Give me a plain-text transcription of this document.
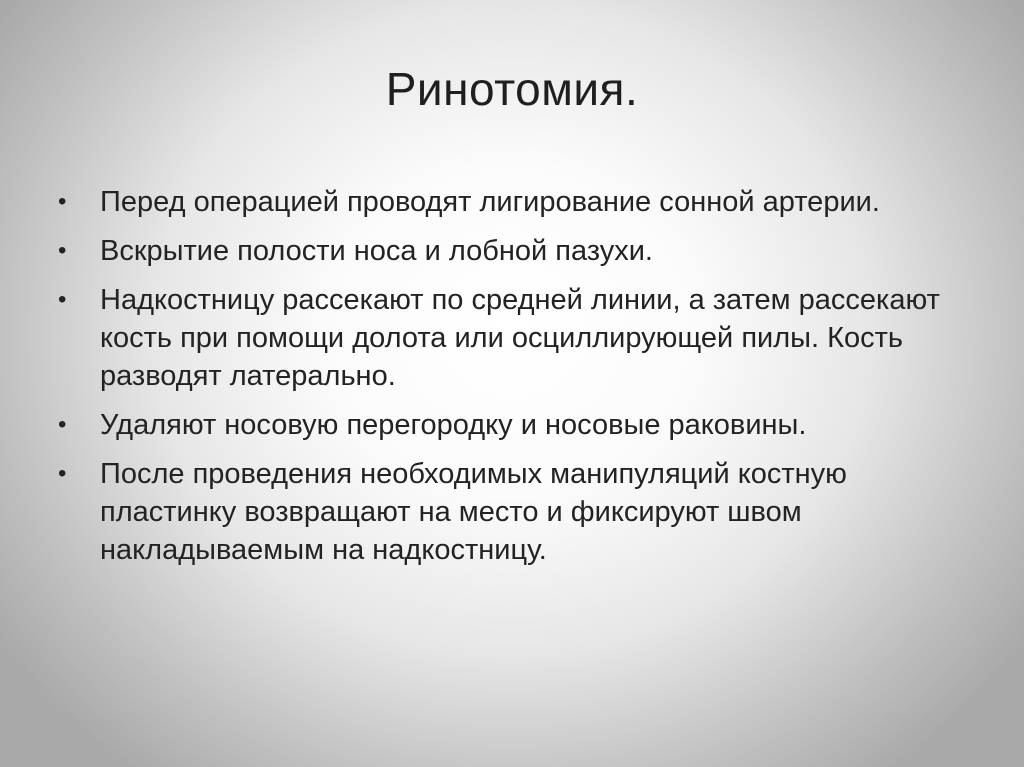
Ринотомия.
• Перед операцией проводят лигирование сонной артерии.
• Вскрытие полости носа и лобной пазухи.
• Надкостницу рассекают по средней линии, а затем рассекают кость при помощи долота или осциллирующей пилы. Кость разводят латерально.
• Удаляют носовую перегородку и носовые раковины.
• После проведения необходимых манипуляций костную пластинку возвращают на место и фиксируют швом накладываемым на надкостницу.
